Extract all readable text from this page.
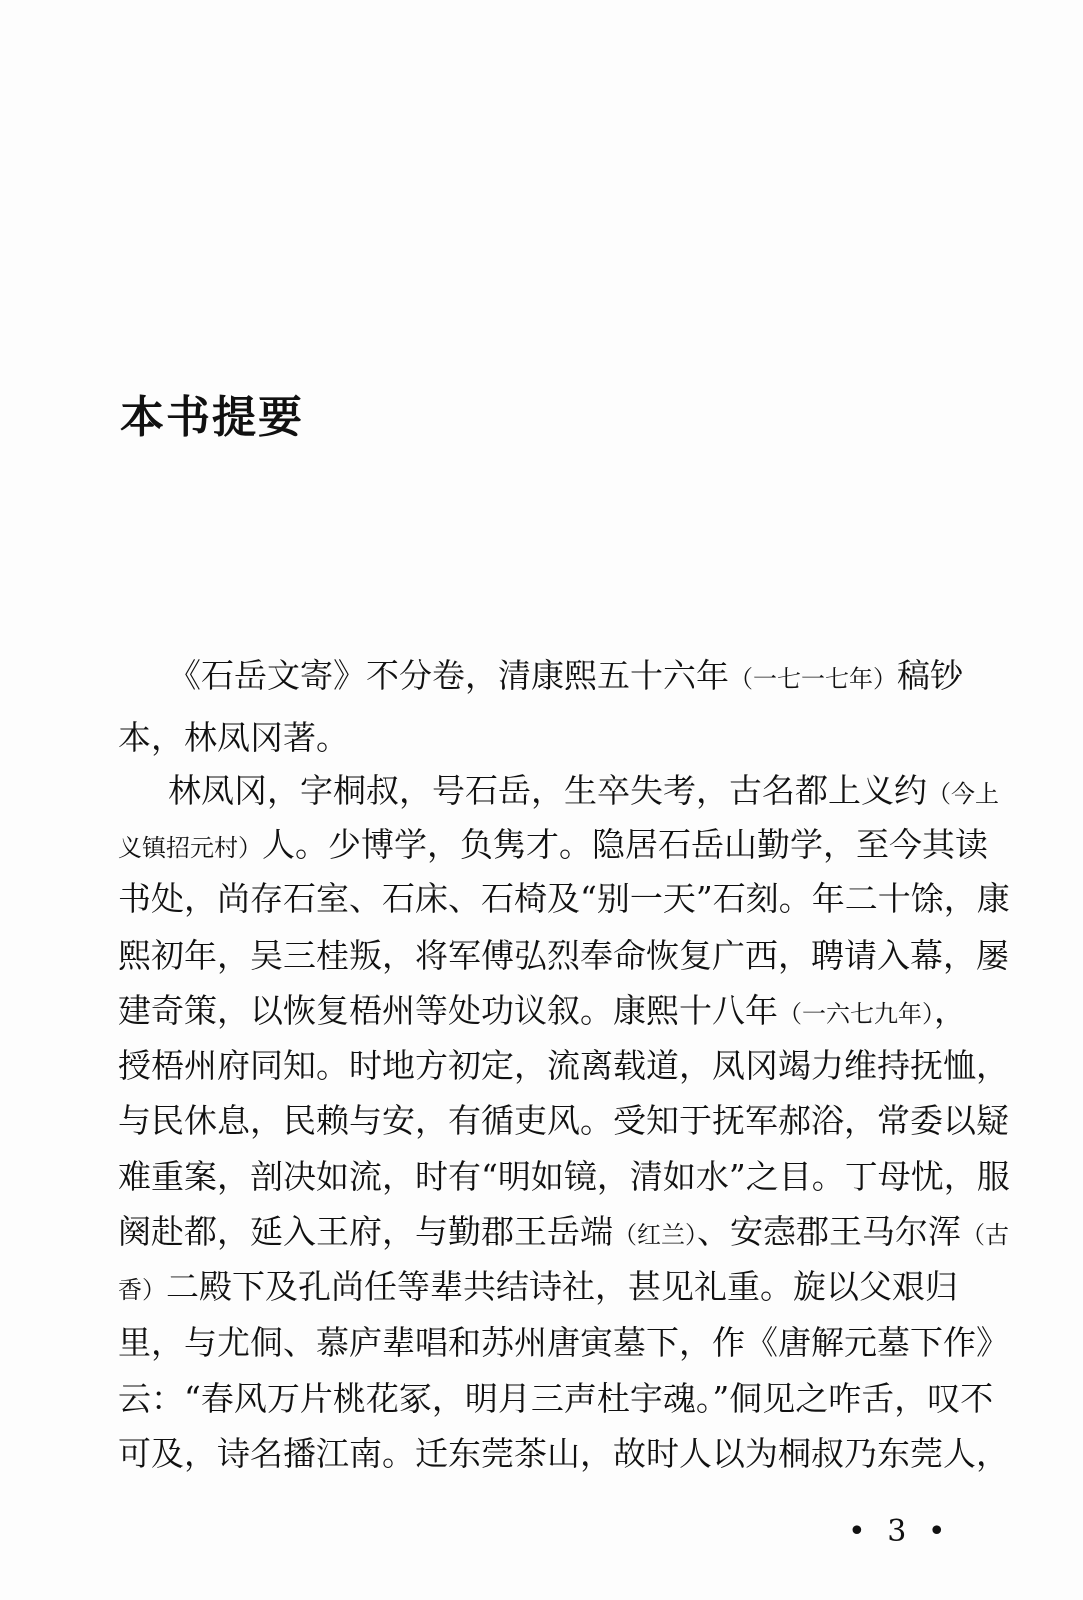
本书提要
《石岳文寄》不分卷，清康熙五十六年（一七一七年）稿钞
本，林凤冈著。
林凤冈，字桐叔，号石岳，生卒失考，古名都上义约（今上
义镇招元村）人。少博学，负隽才。隐居石岳山勤学，至今其读
书处，尚存石室、石床、石椅及“别一天”石刻。年二十馀，康
熙初年，吴三桂叛，将军傅弘烈奉命恢复广西，聘请入幕，屡
建奇策，以恢复梧州等处功议叙。康熙十八年（一六七九年），
授梧州府同知。时地方初定，流离载道，凤冈竭力维持抚恤，
与民休息，民赖与安，有循吏风。受知于抚军郝浴，常委以疑
难重案，剖决如流，时有“明如镜，清如水”之目。丁母忧，服
阕赴都，延入王府，与勤郡王岳端（红兰）、安悫郡王马尔浑（古
香）二殿下及孔尚任等辈共结诗社，甚见礼重。旋以父艰归
里，与尤侗、慕庐辈唱和苏州唐寅墓下，作《唐解元墓下作》
云：“春风万片桃花冢，明月三声杜宇魂。”侗见之咋舌，叹不
可及，诗名播江南。迁东莞茶山，故时人以为桐叔乃东莞人，
• 3 •
